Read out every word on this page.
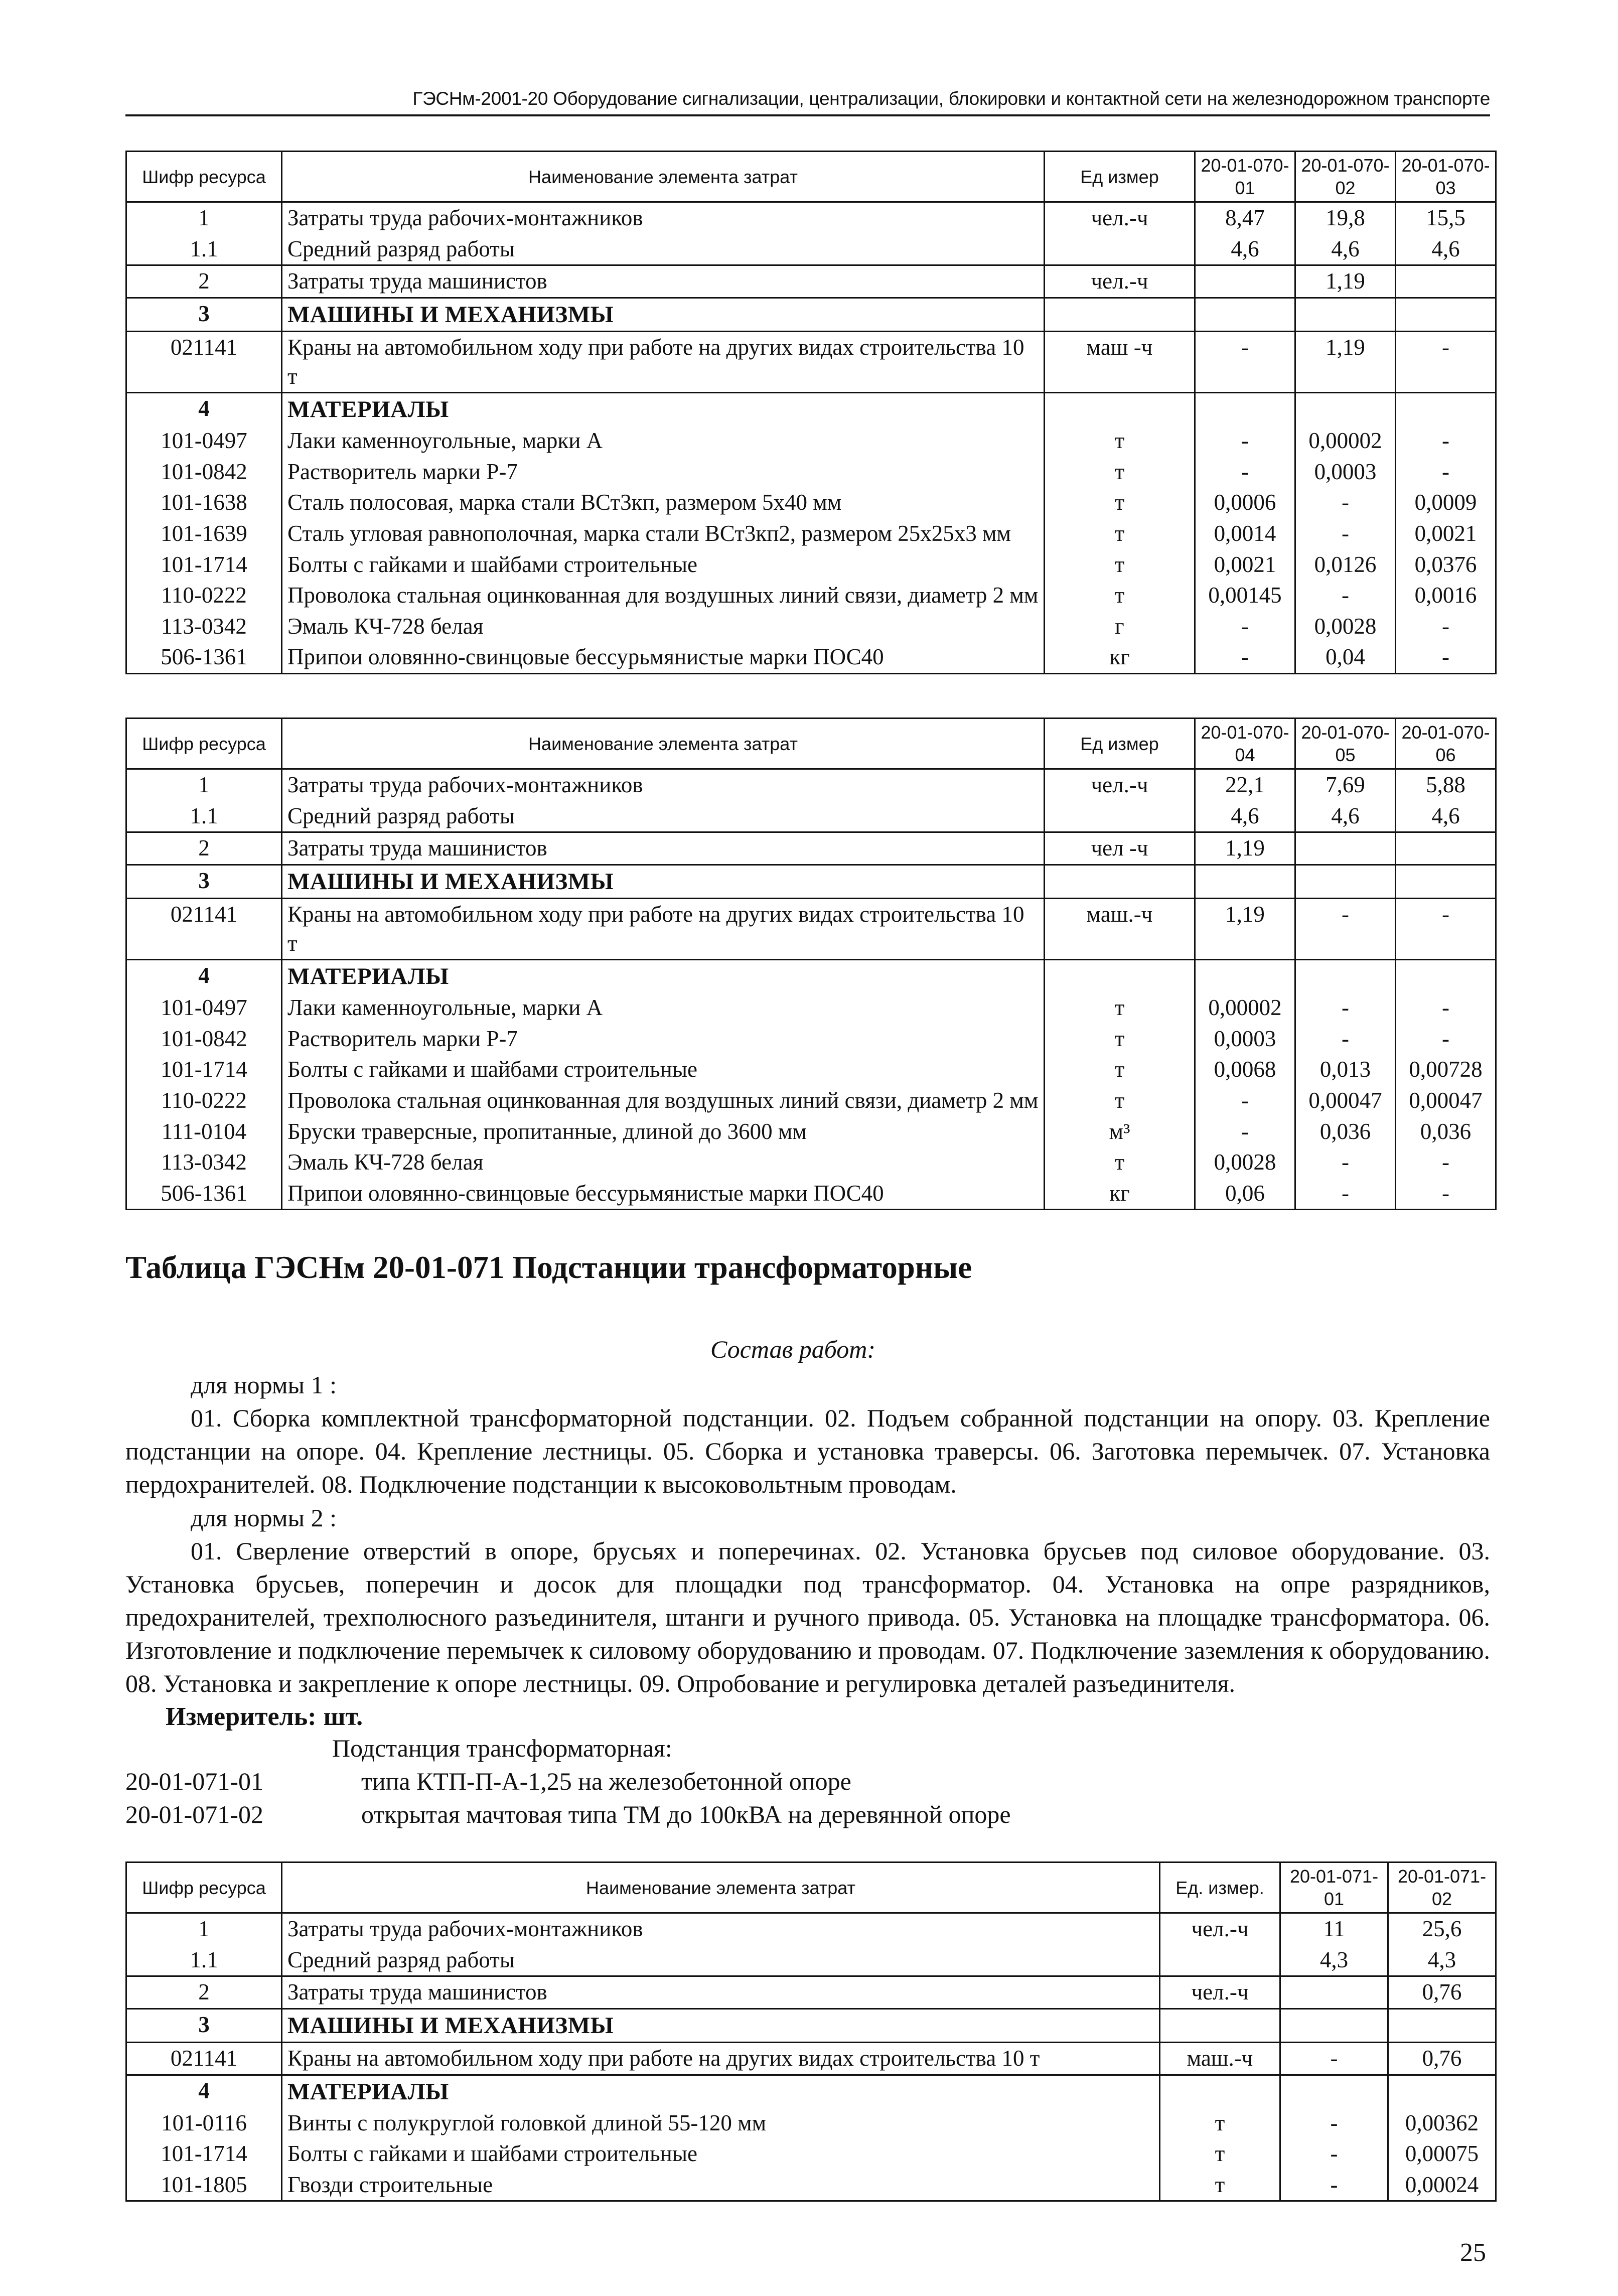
ГЭСНм-2001-20 Оборудование сигнализации, централизации, блокировки и контактной сети на железнодорожном транспорте
Шифр ресурса	Наименование элемента затрат	Ед измер	20-01-070-01	20-01-070-02	20-01-070-03
1	Затраты труда рабочих-монтажников	чел.-ч	8,47	19,8	15,5
1.1	Средний разряд работы		4,6	4,6	4,6
2	Затраты труда машинистов	чел.-ч		1,19	
3	МАШИНЫ И МЕХАНИЗМЫ				
021141	Краны на автомобильном ходу при работе на других видах строительства 10 т	маш -ч	-	1,19	-
4	МАТЕРИАЛЫ				
101-0497	Лаки каменноугольные, марки А	т	-	0,00002	-
101-0842	Растворитель марки Р-7	т	-	0,0003	-
101-1638	Сталь полосовая, марка стали ВСт3кп, размером 5х40 мм	т	0,0006	-	0,0009
101-1639	Сталь угловая равнополочная, марка стали ВСт3кп2, размером 25х25х3 мм	т	0,0014	-	0,0021
101-1714	Болты с гайками и шайбами строительные	т	0,0021	0,0126	0,0376
110-0222	Проволока стальная оцинкованная для воздушных линий связи, диаметр 2 мм	т	0,00145	-	0,0016
113-0342	Эмаль КЧ-728 белая	г	-	0,0028	-
506-1361	Припои оловянно-свинцовые бессурьмянистые марки ПОС40	кг	-	0,04	-
Шифр ресурса	Наименование элемента затрат	Ед измер	20-01-070-04	20-01-070-05	20-01-070-06
1	Затраты труда рабочих-монтажников	чел.-ч	22,1	7,69	5,88
1.1	Средний разряд работы		4,6	4,6	4,6
2	Затраты труда машинистов	чел -ч	1,19		
3	МАШИНЫ И МЕХАНИЗМЫ				
021141	Краны на автомобильном ходу при работе на других видах строительства 10 т	маш.-ч	1,19	-	-
4	МАТЕРИАЛЫ				
101-0497	Лаки каменноугольные, марки А	т	0,00002	-	-
101-0842	Растворитель марки Р-7	т	0,0003	-	-
101-1714	Болты с гайками и шайбами строительные	т	0,0068	0,013	0,00728
110-0222	Проволока стальная оцинкованная для воздушных линий связи, диаметр 2 мм	т	-	0,00047	0,00047
111-0104	Бруски траверсные, пропитанные, длиной до 3600 мм	м³	-	0,036	0,036
113-0342	Эмаль КЧ-728 белая	т	0,0028	-	-
506-1361	Припои оловянно-свинцовые бессурьмянистые марки ПОС40	кг	0,06	-	-
Таблица ГЭСНм 20-01-071 Подстанции трансформаторные
Состав работ:
для нормы 1 :
01. Сборка комплектной трансформаторной подстанции. 02. Подъем собранной подстанции на опору. 03. Крепление подстанции на опоре. 04. Крепление лестницы. 05. Сборка и установка траверсы. 06. Заготовка перемычек. 07. Установка пердохранителей. 08. Подключение подстанции к высоковольтным проводам.
для нормы 2 :
01. Сверление отверстий в опоре, брусьях и поперечинах. 02. Установка брусьев под силовое оборудование. 03. Установка брусьев, поперечин и досок для площадки под трансформатор. 04. Установка на опре разрядников, предохранителей, трехполюсного разъединителя, штанги и ручного привода. 05. Установка на площадке трансформатора. 06. Изготовление и подключение перемычек к силовому оборудованию и проводам. 07. Подключение заземления к оборудованию. 08. Установка и закрепление к опоре лестницы. 09. Опробование и регулировка деталей разъединителя.
Измеритель: шт.
Подстанция трансформаторная:
20-01-071-01	типа КТП-П-А-1,25 на железобетонной опоре
20-01-071-02	открытая мачтовая типа ТМ до 100кВА на деревянной опоре
Шифр ресурса	Наименование элемента затрат	Ед. измер.	20-01-071-01	20-01-071-02
1	Затраты труда рабочих-монтажников	чел.-ч	11	25,6
1.1	Средний разряд работы		4,3	4,3
2	Затраты труда машинистов	чел.-ч		0,76
3	МАШИНЫ И МЕХАНИЗМЫ			
021141	Краны на автомобильном ходу при работе на других видах строительства 10 т	маш.-ч	-	0,76
4	МАТЕРИАЛЫ			
101-0116	Винты с полукруглой головкой длиной 55-120 мм	т	-	0,00362
101-1714	Болты с гайками и шайбами строительные	т	-	0,00075
101-1805	Гвозди строительные	т	-	0,00024
25
